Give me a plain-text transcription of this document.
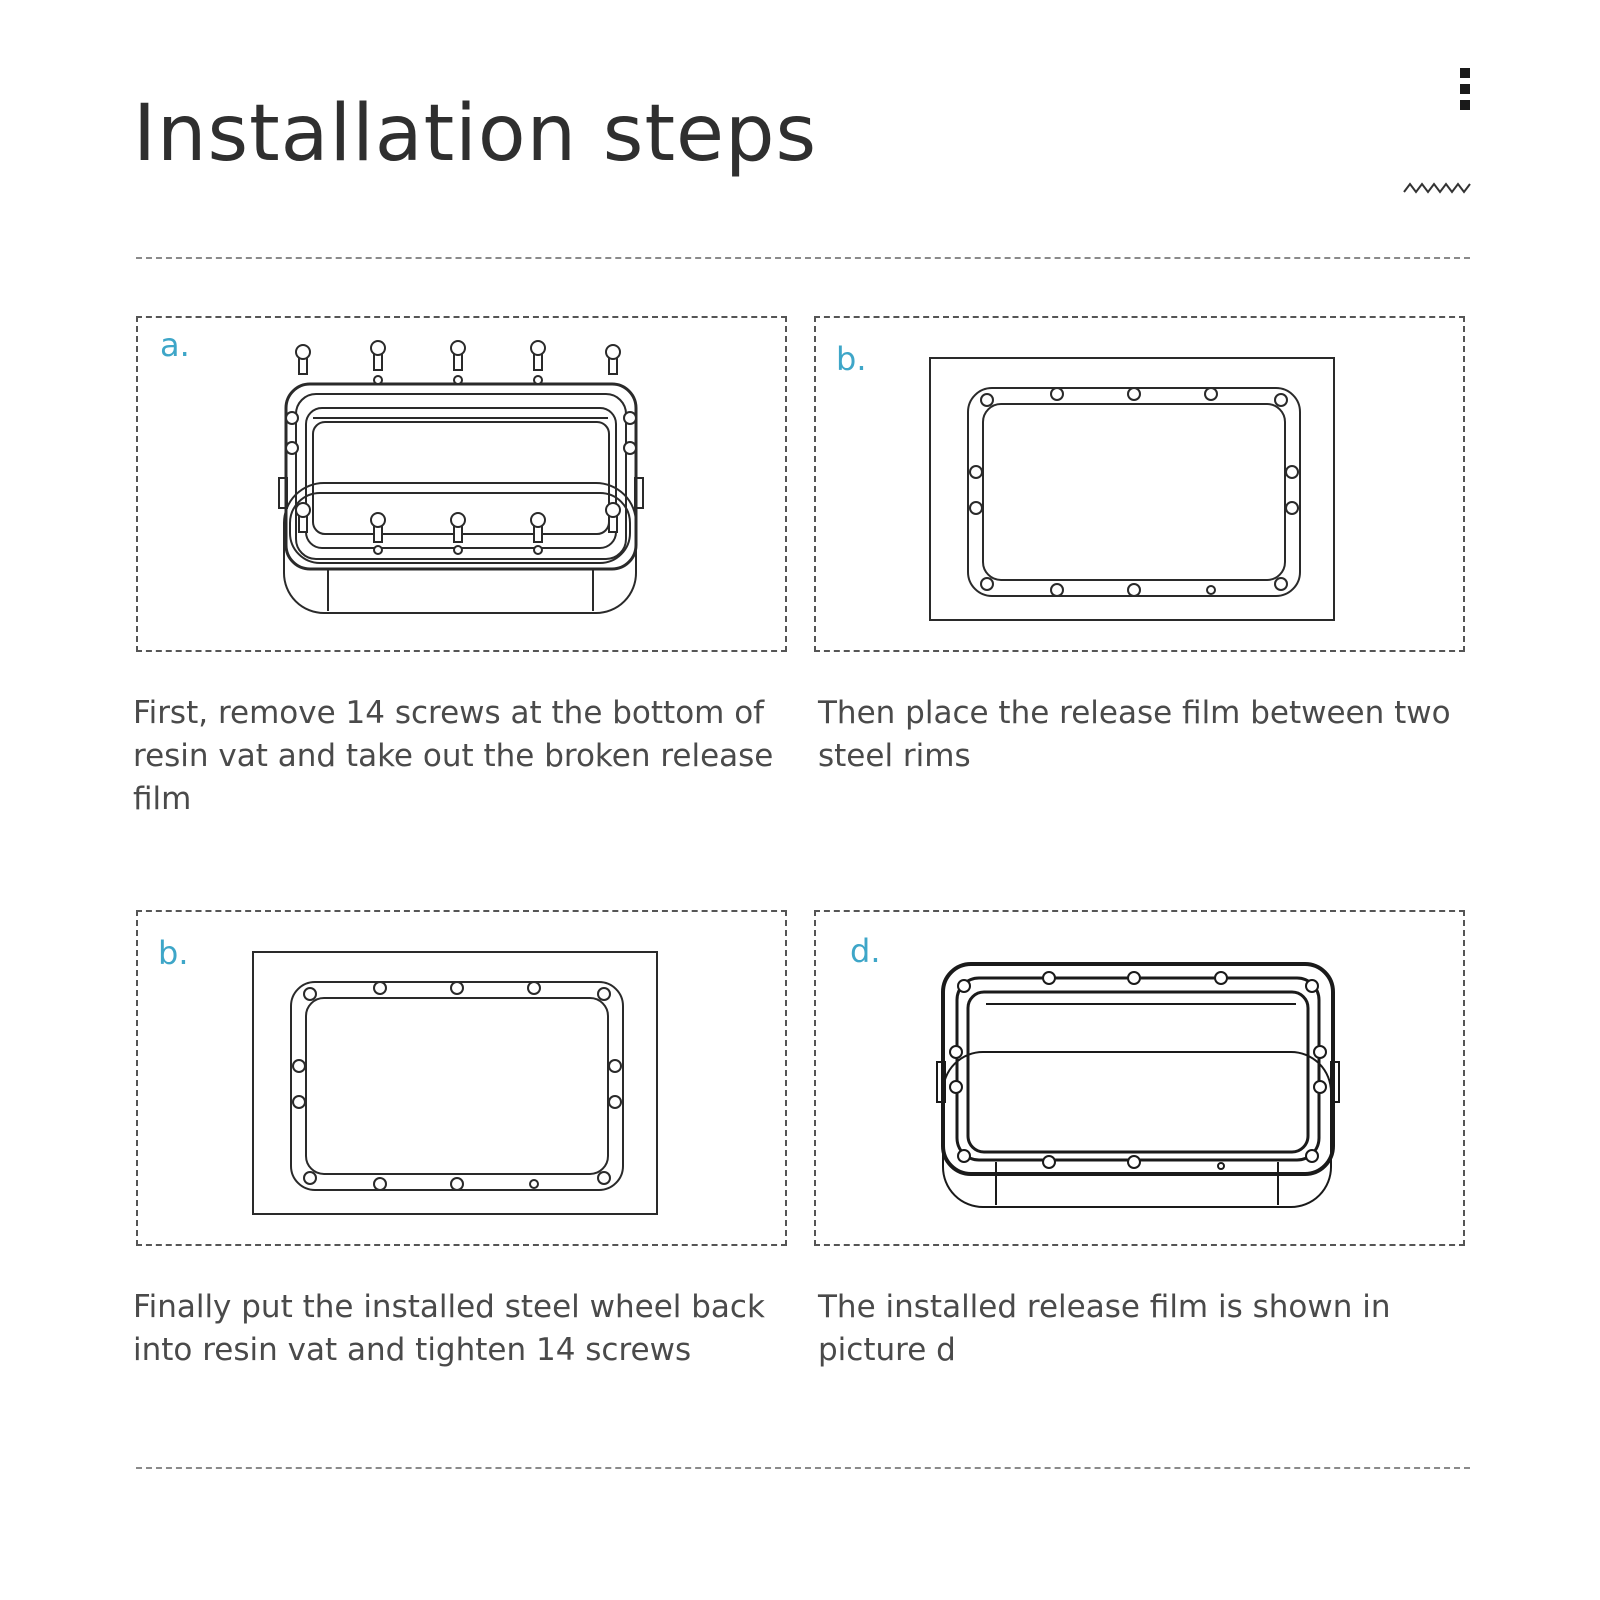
Installation steps
a.	b.
First, remove 14 screws at the bottom of resin vat and take out the broken release film
Then place the release film between two steel rims
b.	d.
Finally put the installed steel wheel back into resin vat and tighten 14 screws
The installed release film is shown in picture d
